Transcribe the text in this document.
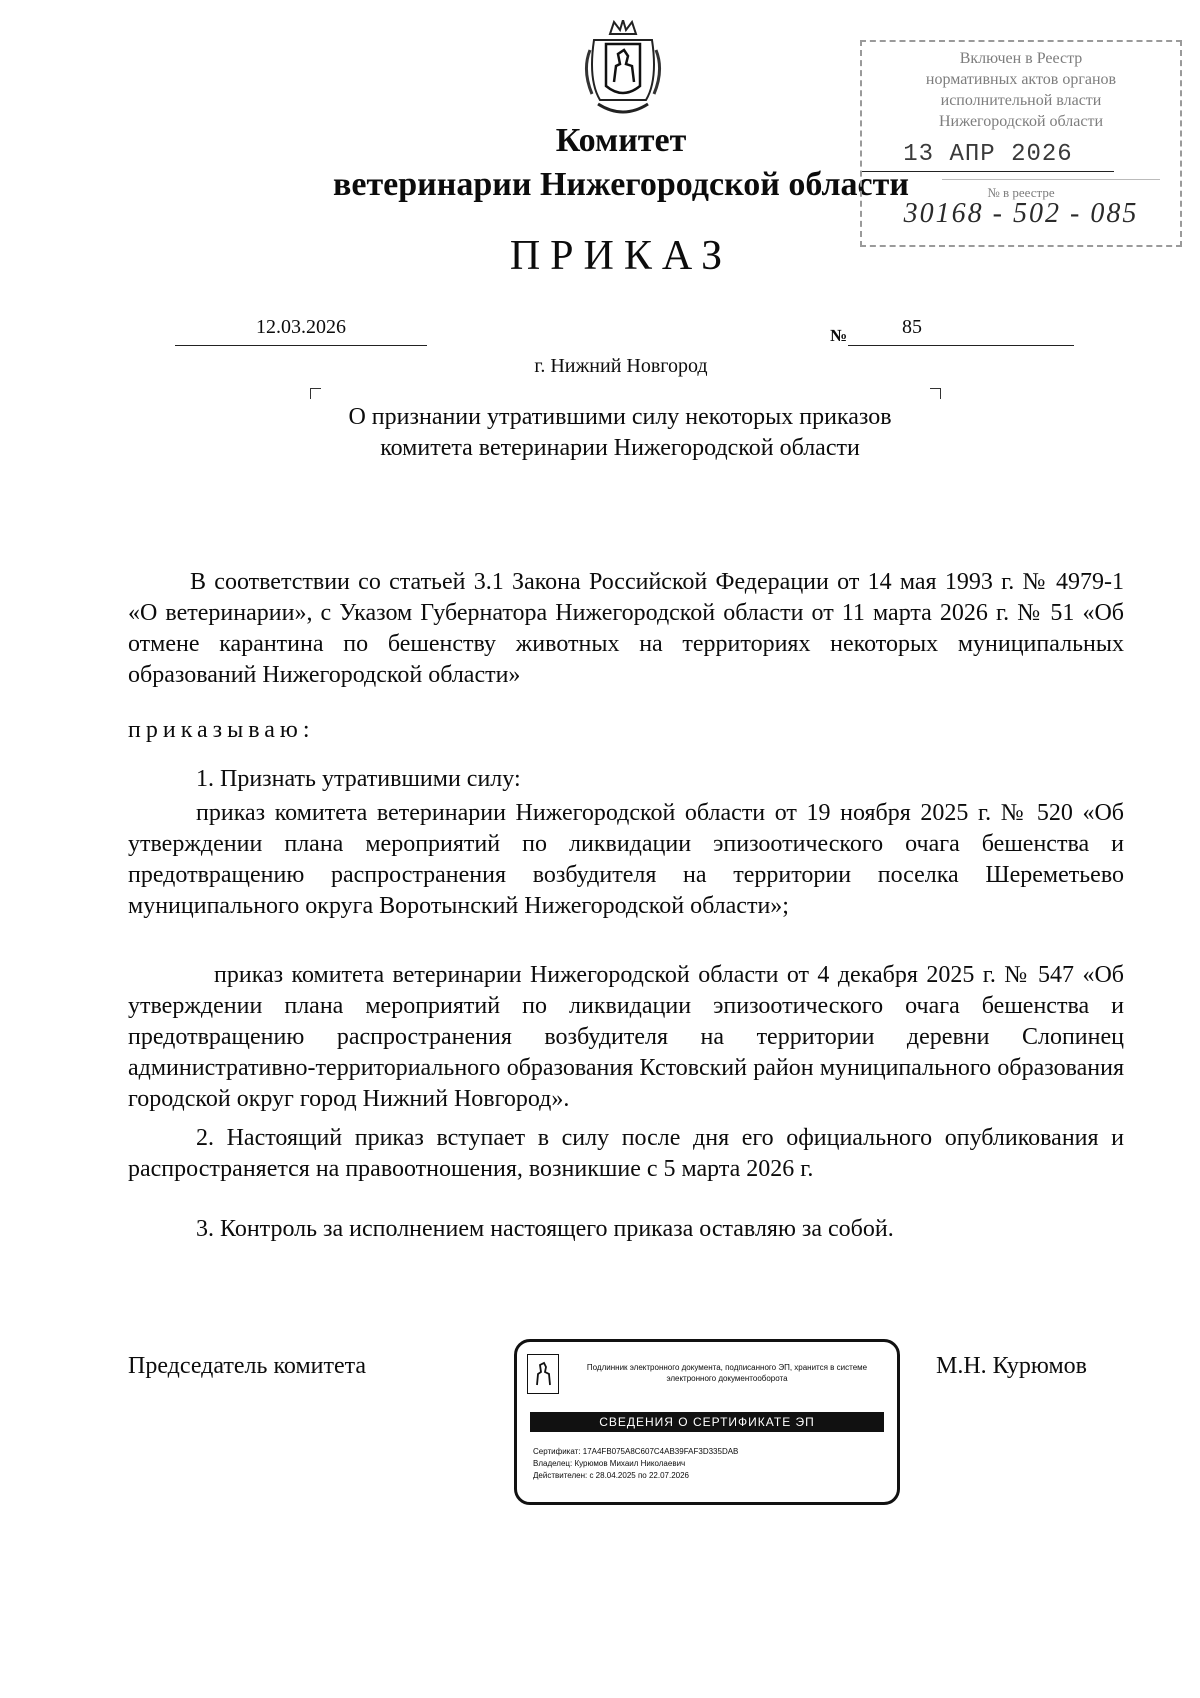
Комитет
ветеринарии Нижегородской области
ПРИКАЗ
Включен в Реестр
нормативных актов органов
исполнительной власти
Нижегородской области
13 АПР 2026
№ в реестре
30168 - 502 - 085
12.03.2026	№	85
г. Нижний Новгород
О признании утратившими силу некоторых приказов комитета ветеринарии Нижегородской области
В соответствии со статьей 3.1 Закона Российской Федерации от 14 мая 1993 г. № 4979-1 «О ветеринарии», с Указом Губернатора Нижегородской области от 11 марта 2026 г. № 51 «Об отмене карантина по бешенству животных на территориях некоторых муниципальных образований Нижегородской области»
приказываю:
1. Признать утратившими силу:
приказ комитета ветеринарии Нижегородской области от 19 ноября 2025 г. № 520 «Об утверждении плана мероприятий по ликвидации эпизоотического очага бешенства и предотвращению распространения возбудителя на территории поселка Шереметьево муниципального округа Воротынский Нижегородской области»;
приказ комитета ветеринарии Нижегородской области от 4 декабря 2025 г. № 547 «Об утверждении плана мероприятий по ликвидации эпизоотического очага бешенства и предотвращению распространения возбудителя на территории деревни Слопинец административно-территориального образования Кстовский район муниципального образования городской округ город Нижний Новгород».
2. Настоящий приказ вступает в силу после дня его официального опубликования и распространяется на правоотношения, возникшие с 5 марта 2026 г.
3. Контроль за исполнением настоящего приказа оставляю за собой.
Председатель комитета	М.Н. Курюмов
Подлинник электронного документа, подписанного ЭП, хранится в системе электронного документооборота
СВЕДЕНИЯ О СЕРТИФИКАТЕ ЭП
Сертификат: 17A4FB075A8C607C4AB39FAF3D335DAB
Владелец: Курюмов Михаил Николаевич
Действителен: с 28.04.2025 по 22.07.2026
